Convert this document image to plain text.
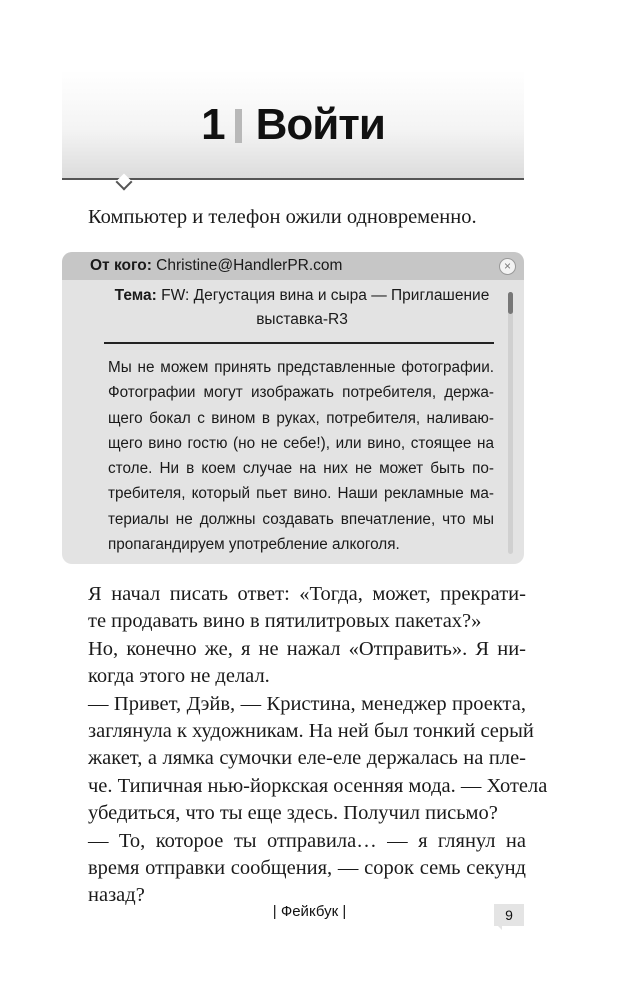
1 Войти
Компьютер и телефон ожили одновременно.
От кого: Christine@HandlerPR.com	×
Тема: FW: Дегустация вина и сыра — Приглашение
выставка-R3
Мы не можем принять представленные фотографии.
Фотографии могут изображать потребителя, держа-
щего бокал с вином в руках, потребителя, наливаю-
щего вино гостю (но не себе!), или вино, стоящее на
столе. Ни в коем случае на них не может быть по-
требителя, который пьет вино. Наши рекламные ма-
териалы не должны создавать впечатление, что мы
пропагандируем употребление алкоголя.
Я начал писать ответ: «Тогда, может, прекрати-
те продавать вино в пятилитровых пакетах?»
Но, конечно же, я не нажал «Отправить». Я ни-
когда этого не делал.
— Привет, Дэйв, — Кристина, менеджер проекта,
заглянула к художникам. На ней был тонкий серый
жакет, а лямка сумочки еле-еле держалась на пле-
че. Типичная нью-йоркская осенняя мода. — Хотела
убедиться, что ты еще здесь. Получил письмо?
— То, которое ты отправила… — я глянул на
время отправки сообщения, — сорок семь секунд
назад?
| Фейкбук |	9
